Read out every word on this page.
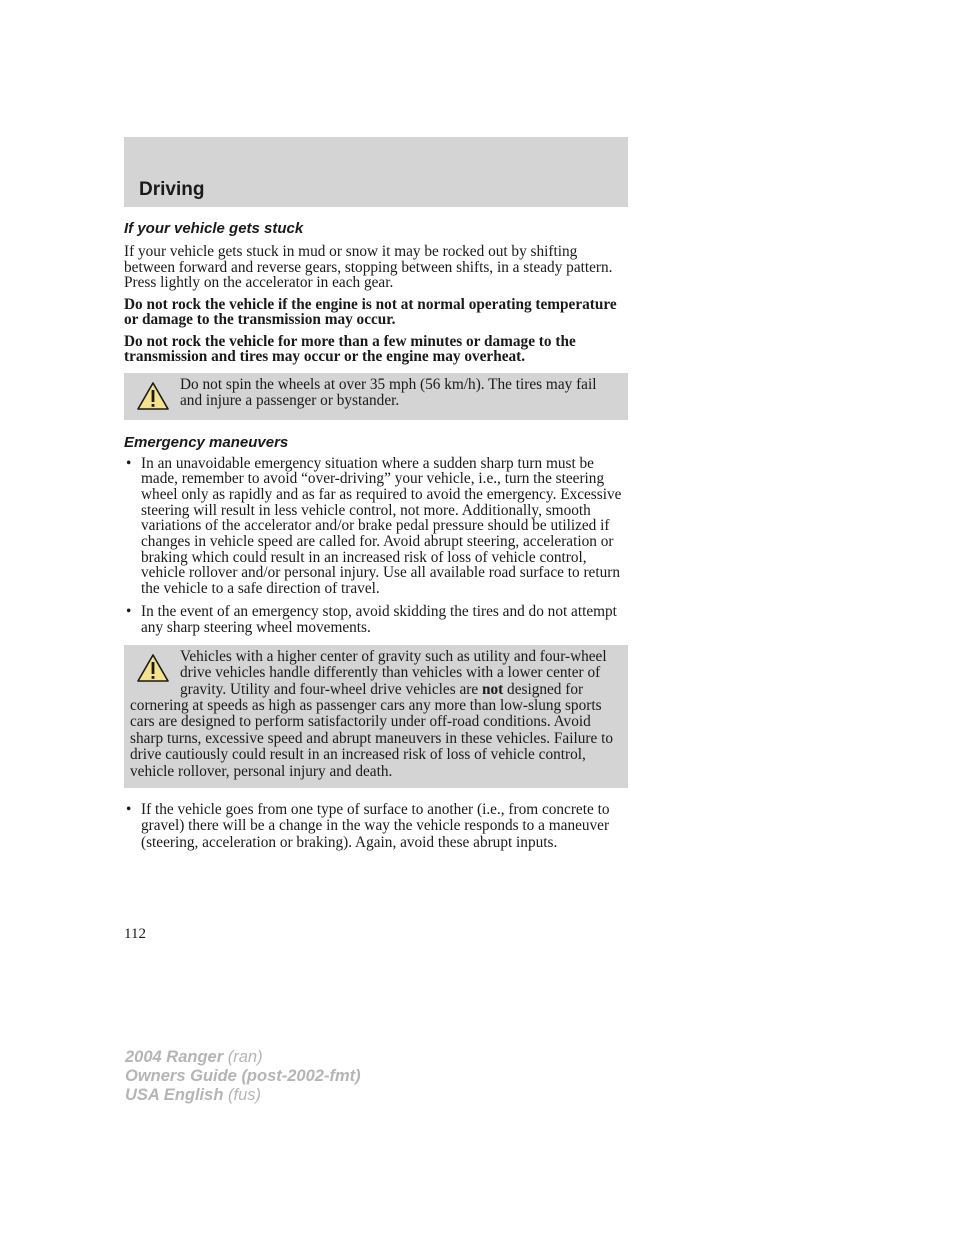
Driving
If your vehicle gets stuck

If your vehicle gets stuck in mud or snow it may be rocked out by shifting between forward and reverse gears, stopping between shifts, in a steady pattern. Press lightly on the accelerator in each gear.

Do not rock the vehicle if the engine is not at normal operating temperature or damage to the transmission may occur.

Do not rock the vehicle for more than a few minutes or damage to the transmission and tires may occur or the engine may overheat.

Do not spin the wheels at over 35 mph (56 km/h). The tires may fail and injure a passenger or bystander.

Emergency maneuvers
• In an unavoidable emergency situation where a sudden sharp turn must be made, remember to avoid “over-driving” your vehicle, i.e., turn the steering wheel only as rapidly and as far as required to avoid the emergency. Excessive steering will result in less vehicle control, not more. Additionally, smooth variations of the accelerator and/or brake pedal pressure should be utilized if changes in vehicle speed are called for. Avoid abrupt steering, acceleration or braking which could result in an increased risk of loss of vehicle control, vehicle rollover and/or personal injury. Use all available road surface to return the vehicle to a safe direction of travel.
• In the event of an emergency stop, avoid skidding the tires and do not attempt any sharp steering wheel movements.

Vehicles with a higher center of gravity such as utility and four-wheel drive vehicles handle differently than vehicles with a lower center of gravity. Utility and four-wheel drive vehicles are not designed for cornering at speeds as high as passenger cars any more than low-slung sports cars are designed to perform satisfactorily under off-road conditions. Avoid sharp turns, excessive speed and abrupt maneuvers in these vehicles. Failure to drive cautiously could result in an increased risk of loss of vehicle control, vehicle rollover, personal injury and death.

• If the vehicle goes from one type of surface to another (i.e., from concrete to gravel) there will be a change in the way the vehicle responds to a maneuver (steering, acceleration or braking). Again, avoid these abrupt inputs.
112
2004 Ranger (ran)
Owners Guide (post-2002-fmt)
USA English (fus)
